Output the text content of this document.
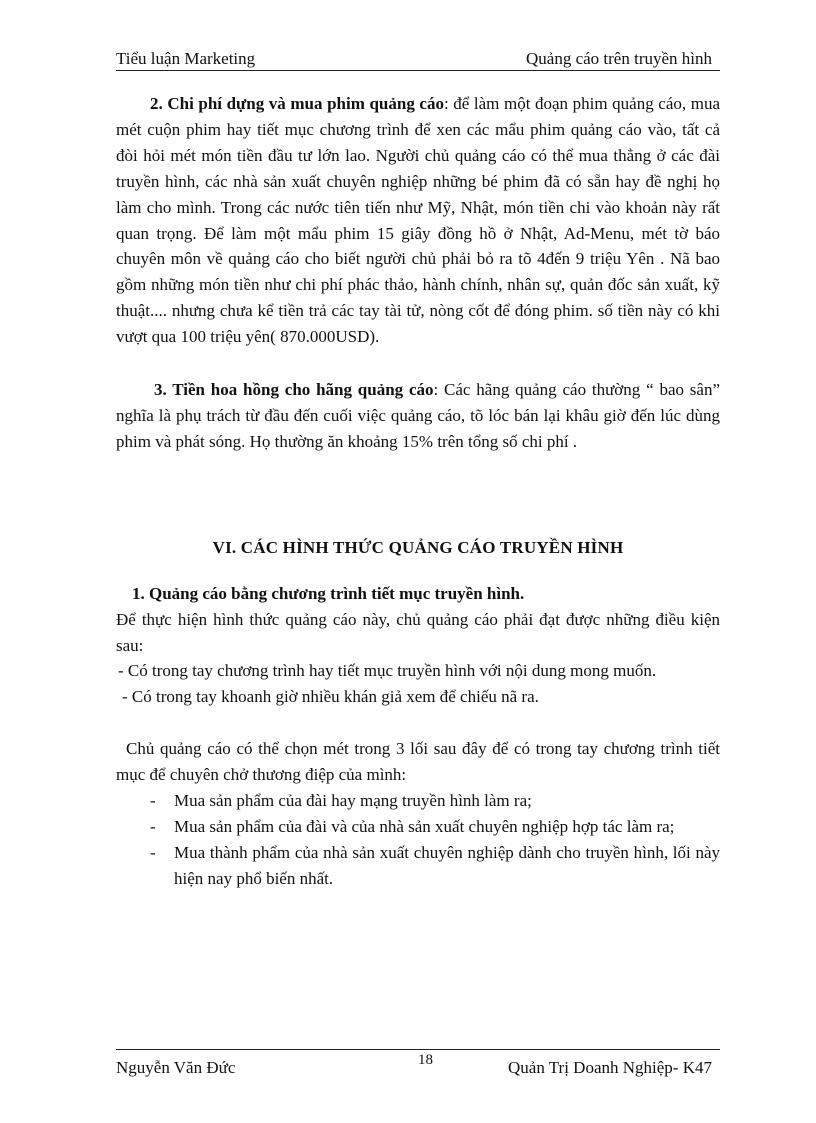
Tiểu luận Marketing	Quảng cáo trên truyền hình

2. Chi phí dựng và mua phim quảng cáo: để làm một đoạn phim quảng cáo, mua mét cuộn phim hay tiết mục chương trình để xen các mẩu phim quảng cáo vào, tất cả đòi hỏi mét món tiền đầu tư lớn lao. Người chủ quảng cáo có thể mua thẳng ở các đài truyền hình, các nhà sản xuất chuyên nghiệp những bé phim đã có sẵn hay đề nghị họ làm cho mình. Trong các nước tiên tiến như Mỹ, Nhật, món tiền chi vào khoản này rất quan trọng. Để làm một mẩu phim 15 giây đồng hồ ở Nhật, Ad-Menu, mét tờ báo chuyên môn về quảng cáo cho biết người chủ phải bỏ ra tõ 4đến 9 triệu Yên . Nã bao gồm những món tiền như chi phí phác thảo, hành chính, nhân sự, quản đốc sản xuất, kỹ thuật.... nhưng chưa kể tiền trả các tay tài tử, nòng cốt để đóng phim. số tiền này có khi vượt qua 100 triệu yên( 870.000USD).

3. Tiền hoa hồng cho hãng quảng cáo: Các hãng quảng cáo thường “ bao sân” nghĩa là phụ trách từ đầu đến cuối việc quảng cáo, tõ lóc bán lại khâu giờ đến lúc dùng phim và phát sóng. Họ thường ăn khoảng 15% trên tổng số chi phí .

VI. CÁC HÌNH THỨC QUẢNG CÁO TRUYỀN HÌNH
1. Quảng cáo bằng chương trình tiết mục truyền hình.

Để thực hiện hình thức quảng cáo này, chủ quảng cáo phải đạt được những điều kiện sau:

- Có trong tay chương trình hay tiết mục truyền hình với nội dung mong muốn.

- Có trong tay khoanh giờ nhiều khán giả xem để chiếu nã ra.

Chủ quảng cáo có thể chọn mét trong 3 lối sau đây để có trong tay chương trình tiết mục để chuyên chở thương điệp của mình:

- Mua sản phẩm của đài hay mạng truyền hình làm ra;
- Mua sản phẩm của đài và của nhà sản xuất chuyên nghiệp hợp tác làm ra;
- Mua thành phẩm của nhà sản xuất chuyên nghiệp dành cho truyền hình, lối này hiện nay phổ biến nhất.
Nguyễn Văn Đức	18	Quản Trị Doanh Nghiệp- K47
